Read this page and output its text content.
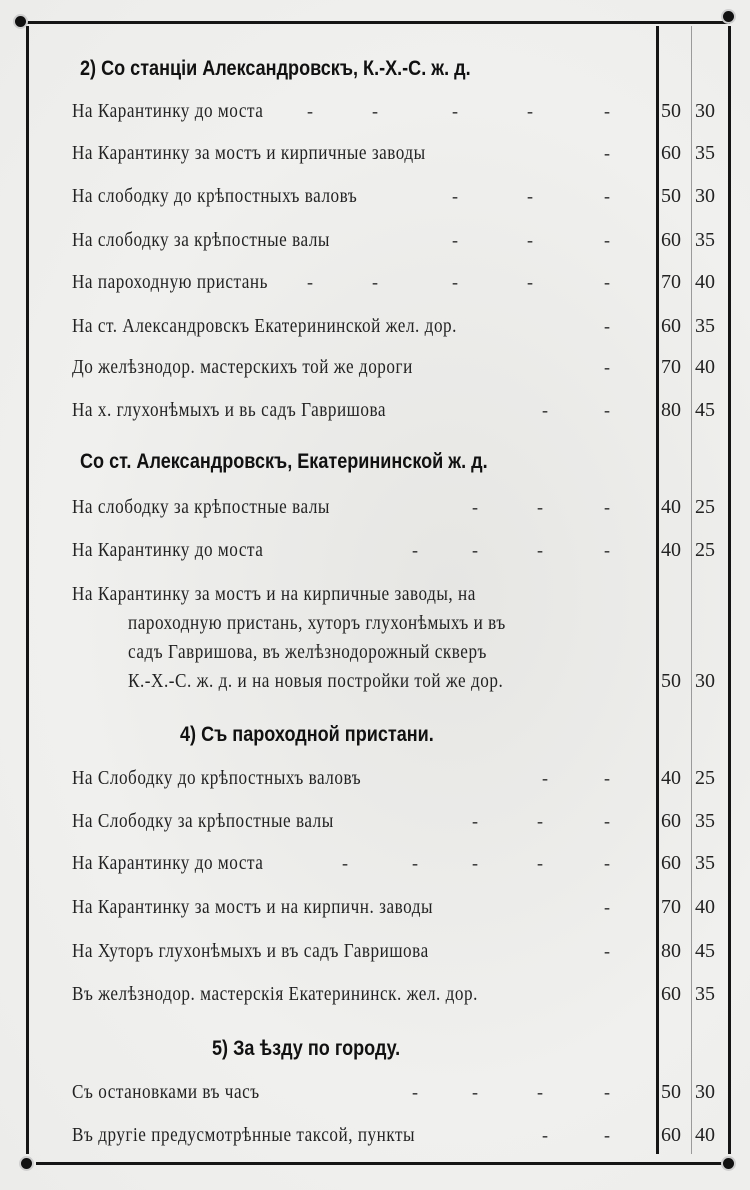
2) Со станціи Александровскъ, К.-Х.-С. ж. д.
На Карантинку до моста -	-	-	-	-	50 30
На Карантинку за мостъ и кирпичные заводы	-	60 35
На слободку до крѣпостныхъ валовъ	-	-	-	50 30
На слободку за крѣпостные валы	-	-	-	60 35
На пароходную пристань -	-	-	-	-	70 40
На ст. Александровскъ Екатерининской жел. дор.	-	60 35
До желѣзнодор. мастерскихъ той же дороги	-	70 40
На х. глухонѣмыхъ и вь садъ Гавришова	-	-	80 45
Со ст. Александровскъ, Екатерининской ж. д.
На слободку за крѣпостные валы	-	-	-	40 25
На Карантинку до моста	-	-	-	-	40 25
На Карантинку за мостъ и на кирпичные заводы, на
пароходную пристань, хуторъ глухонѣмыхъ и въ
садъ Гавришова, въ желѣзнодорожный скверъ
К.-Х.-С. ж. д. и на новыя постройки той же дор.	50 30
4) Съ пароходной пристани.
На Слободку до крѣпостныхъ валовъ	-	-	40 25
На Слободку за крѣпостные валы	-	-	-	60 35
На Карантинку до моста	-	-	-	-	-	60 35
На Карантинку за мостъ и на кирпичн. заводы	-	70 40
На Хуторъ глухонѣмыхъ и въ садъ Гавришова	-	80 45
Въ желѣзнодор. мастерскія Екатерининск. жел. дор.	60 35
5) За ѣзду по городу.
Съ остановками въ часъ	-	-	-	-	50 30
Въ другіе предусмотрѣнные таксой, пункты	-	-	60 40
